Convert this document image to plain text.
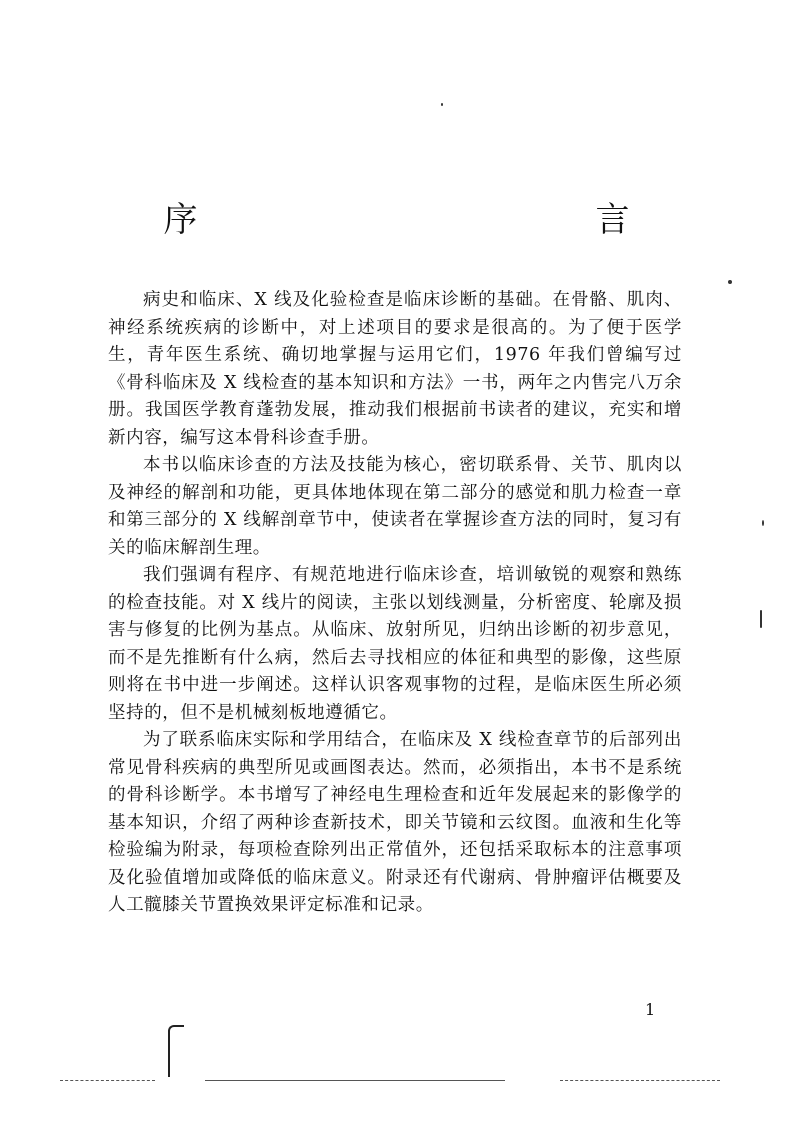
序　　言

病史和临床、X 线及化验检查是临床诊断的基础。在骨骼、肌肉、神经系统疾病的诊断中，对上述项目的要求是很高的。为了便于医学生，青年医生系统、确切地掌握与运用它们，1976 年我们曾编写过《骨科临床及 X 线检查的基本知识和方法》一书，两年之内售完八万余册。我国医学教育蓬勃发展，推动我们根据前书读者的建议，充实和增新内容，编写这本骨科诊查手册。

本书以临床诊查的方法及技能为核心，密切联系骨、关节、肌肉以及神经的解剖和功能，更具体地体现在第二部分的感觉和肌力检查一章和第三部分的 X 线解剖章节中，使读者在掌握诊查方法的同时，复习有关的临床解剖生理。

我们强调有程序、有规范地进行临床诊查，培训敏锐的观察和熟练的检查技能。对 X 线片的阅读，主张以划线测量，分析密度、轮廓及损害与修复的比例为基点。从临床、放射所见，归纳出诊断的初步意见，而不是先推断有什么病，然后去寻找相应的体征和典型的影像，这些原则将在书中进一步阐述。这样认识客观事物的过程，是临床医生所必须坚持的，但不是机械刻板地遵循它。

为了联系临床实际和学用结合，在临床及 X 线检查章节的后部列出常见骨科疾病的典型所见或画图表达。然而，必须指出，本书不是系统的骨科诊断学。本书增写了神经电生理检查和近年发展起来的影像学的基本知识，介绍了两种诊查新技术，即关节镜和云纹图。血液和生化等检验编为附录，每项检查除列出正常值外，还包括采取标本的注意事项及化验值增加或降低的临床意义。附录还有代谢病、骨肿瘤评估概要及人工髋膝关节置换效果评定标准和记录。

1
